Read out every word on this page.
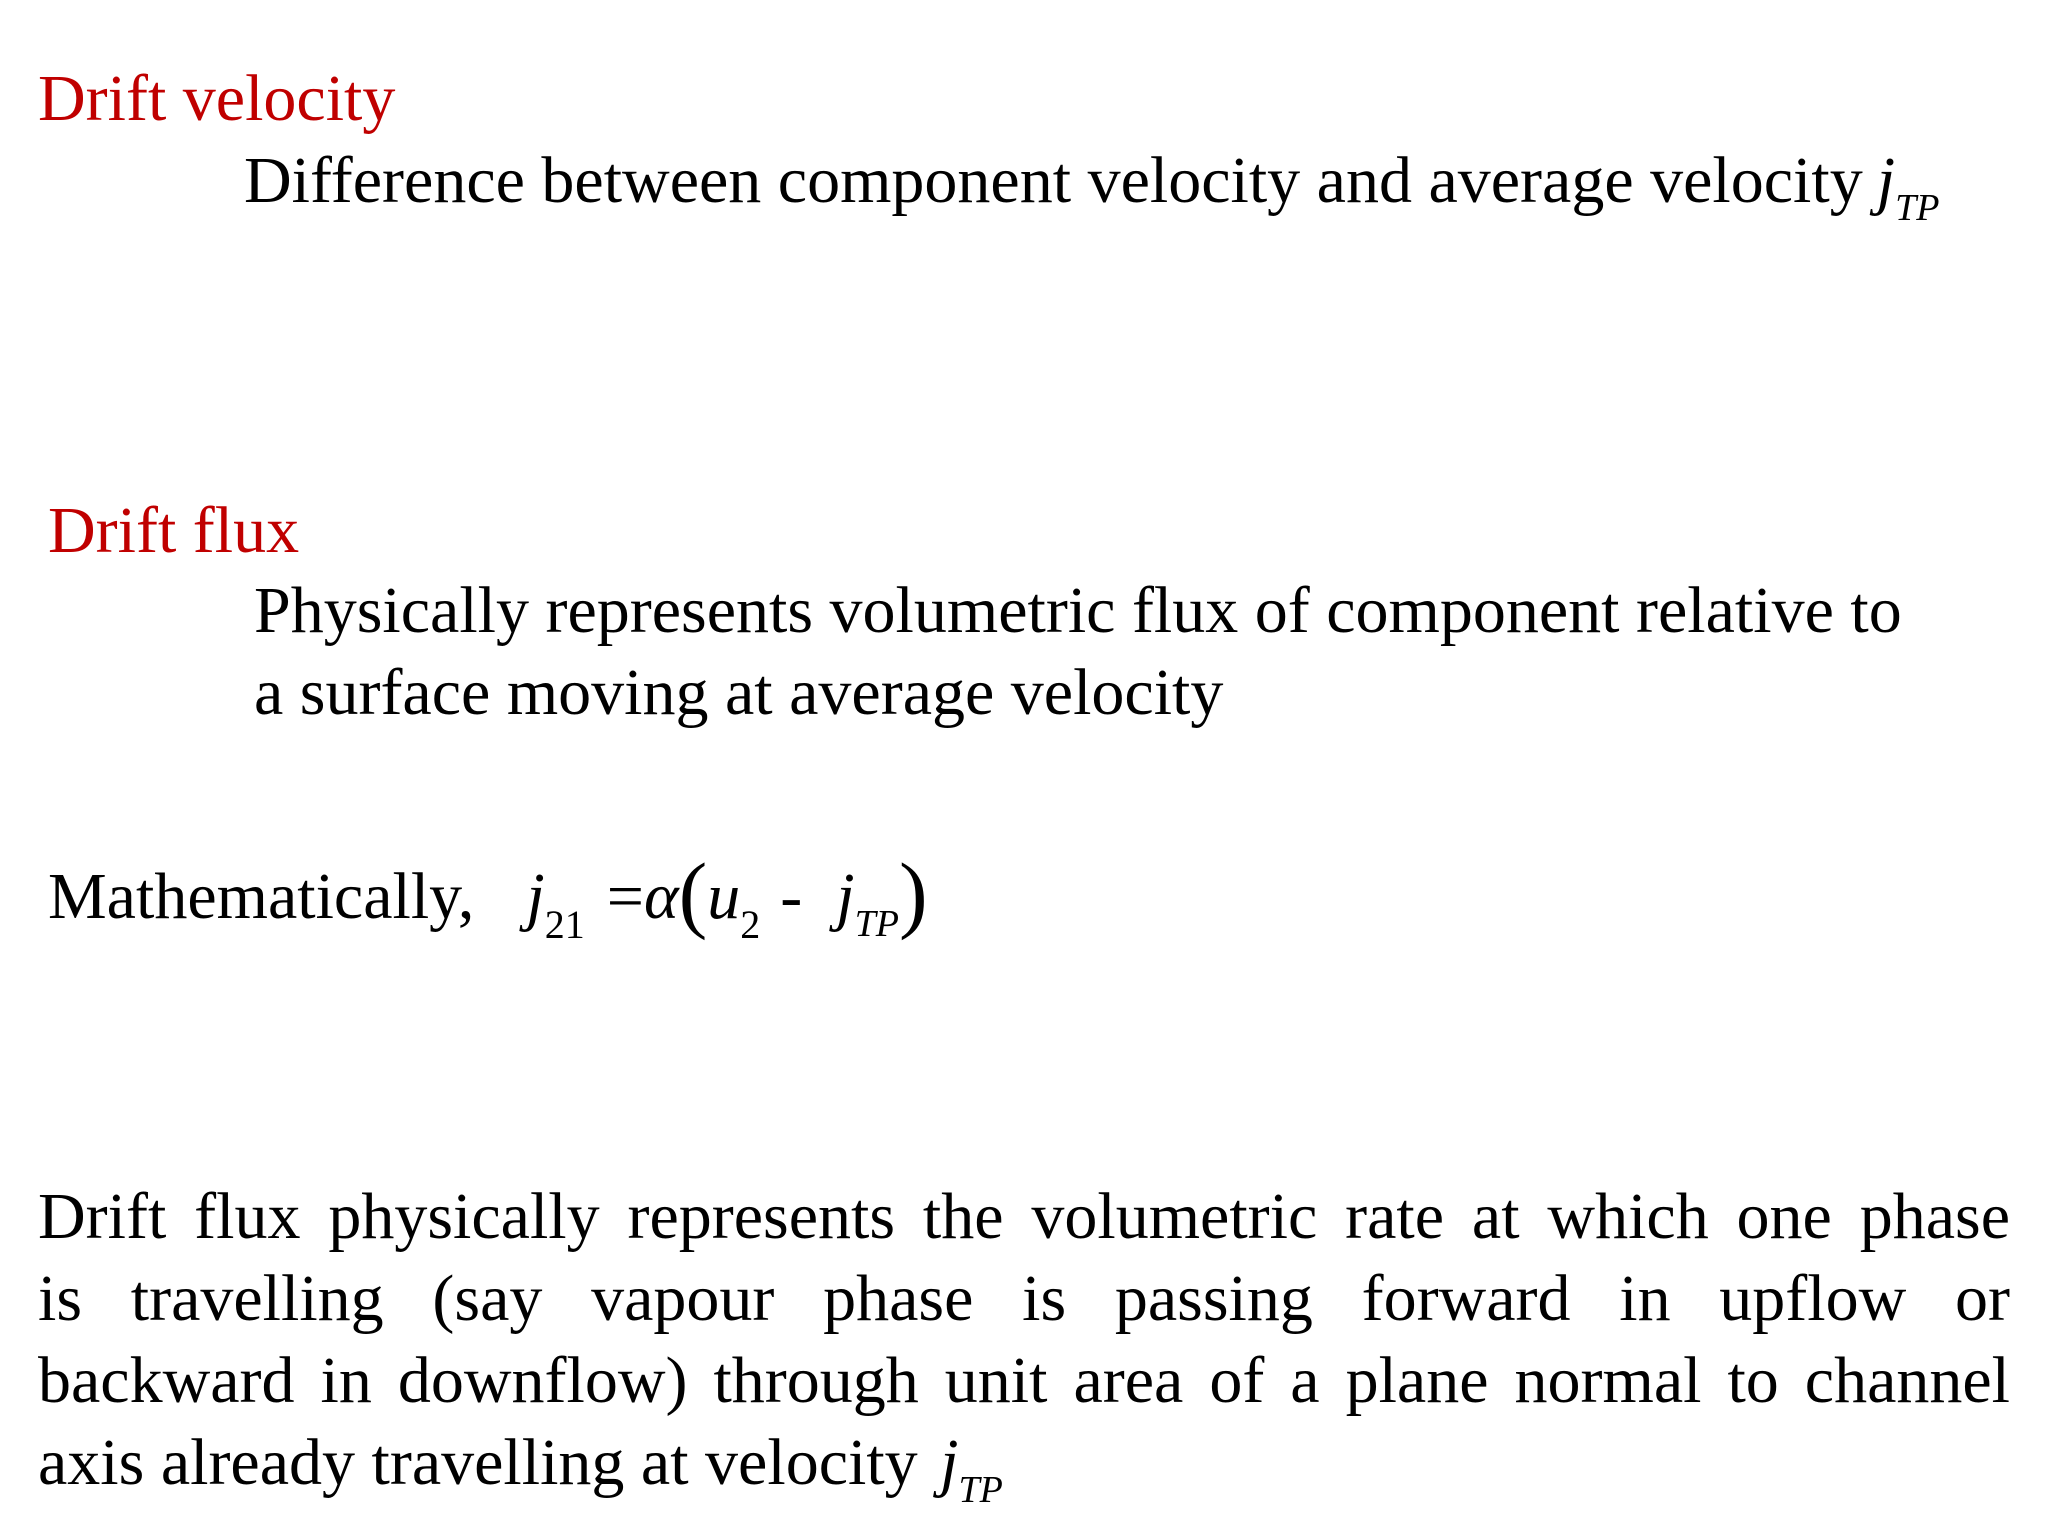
Drift velocity
Difference between component velocity and average velocity $j_{TP}$
Drift flux
Physically represents volumetric flux of component relative to
a surface moving at average velocity
Mathematically, $j_{21} =\alpha(u_2 - j_{TP})$
Drift flux physically represents the volumetric rate at which one phase
is travelling (say vapour phase is passing forward in upflow or
backward in downflow) through unit area of a plane normal to channel
axis already travelling at velocity $j_{TP}$
